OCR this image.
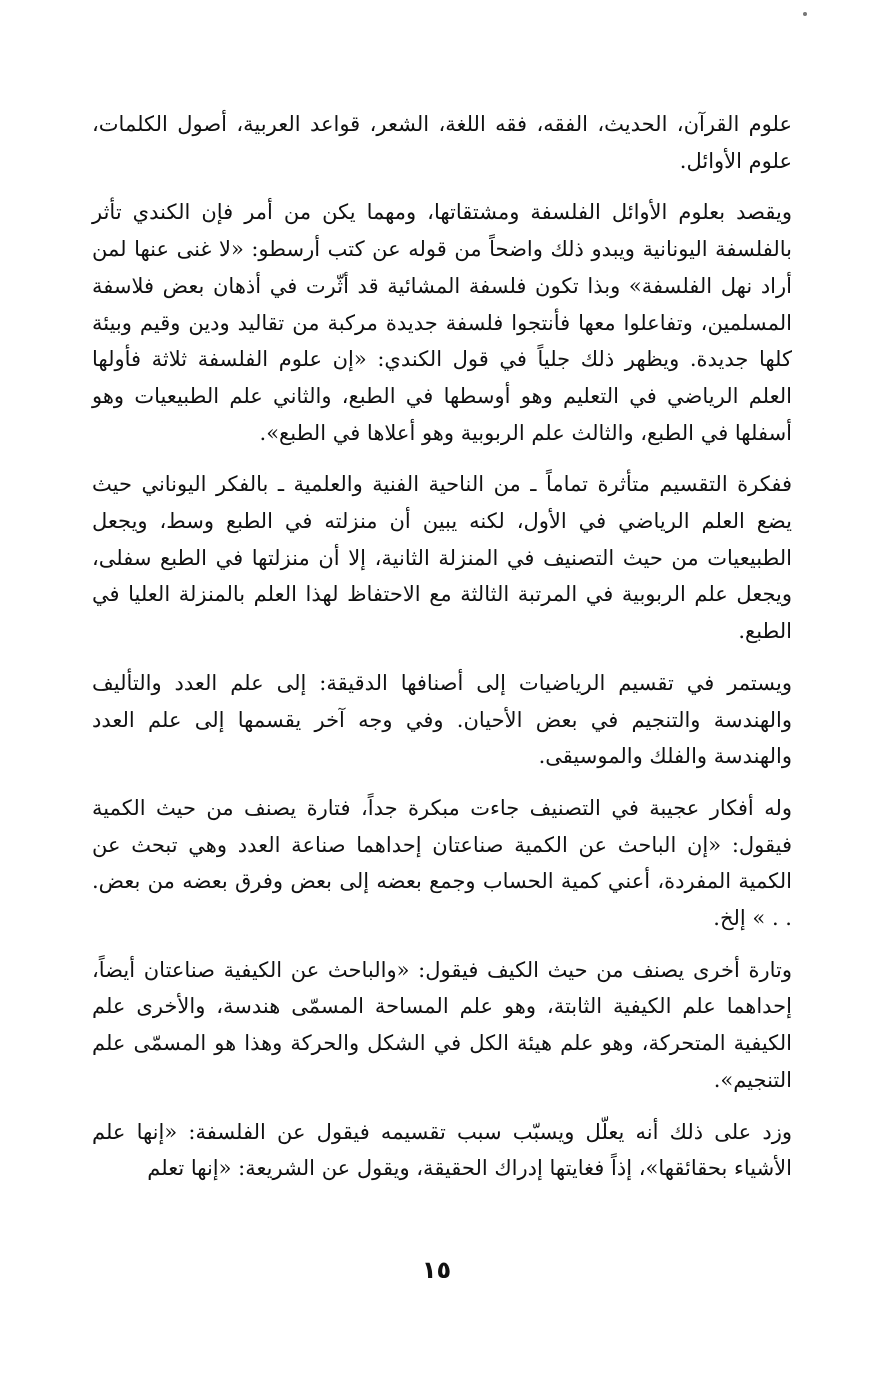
علوم القرآن، الحديث، الفقه، فقه اللغة، الشعر، قواعد العربية، أصول الكلمات، علوم الأوائل.

ويقصد بعلوم الأوائل الفلسفة ومشتقاتها، ومهما يكن من أمر فإن الكندي تأثر بالفلسفة اليونانية ويبدو ذلك واضحاً من قوله عن كتب أرسطو: «لا غنى عنها لمن أراد نهل الفلسفة» وبذا تكون فلسفة المشائية قد أثّرت في أذهان بعض فلاسفة المسلمين، وتفاعلوا معها فأنتجوا فلسفة جديدة مركبة من تقاليد ودين وقيم وبيئة كلها جديدة. ويظهر ذلك جلياً في قول الكندي: «إن علوم الفلسفة ثلاثة فأولها العلم الرياضي في التعليم وهو أوسطها في الطبع، والثاني علم الطبيعيات وهو أسفلها في الطبع، والثالث علم الربوبية وهو أعلاها في الطبع».

ففكرة التقسيم متأثرة تماماً ـ من الناحية الفنية والعلمية ـ بالفكر اليوناني حيث يضع العلم الرياضي في الأول، لكنه يبين أن منزلته في الطبع وسط، ويجعل الطبيعيات من حيث التصنيف في المنزلة الثانية، إلا أن منزلتها في الطبع سفلى، ويجعل علم الربوبية في المرتبة الثالثة مع الاحتفاظ لهذا العلم بالمنزلة العليا في الطبع.

ويستمر في تقسيم الرياضيات إلى أصنافها الدقيقة: إلى علم العدد والتأليف والهندسة والتنجيم في بعض الأحيان. وفي وجه آخر يقسمها إلى علم العدد والهندسة والفلك والموسيقى.

وله أفكار عجيبة في التصنيف جاءت مبكرة جداً، فتارة يصنف من حيث الكمية فيقول: «إن الباحث عن الكمية صناعتان إحداهما صناعة العدد وهي تبحث عن الكمية المفردة، أعني كمية الحساب وجمع بعضه إلى بعض وفرق بعضه من بعض. . . » إلخ.

وتارة أخرى يصنف من حيث الكيف فيقول: «والباحث عن الكيفية صناعتان أيضاً، إحداهما علم الكيفية الثابتة، وهو علم المساحة المسمّى هندسة، والأخرى علم الكيفية المتحركة، وهو علم هيئة الكل في الشكل والحركة وهذا هو المسمّى علم التنجيم».

وزد على ذلك أنه يعلّل ويسبّب سبب تقسيمه فيقول عن الفلسفة: «إنها علم الأشياء بحقائقها»، إذاً فغايتها إدراك الحقيقة، ويقول عن الشريعة: «إنها تعلم

١٥
